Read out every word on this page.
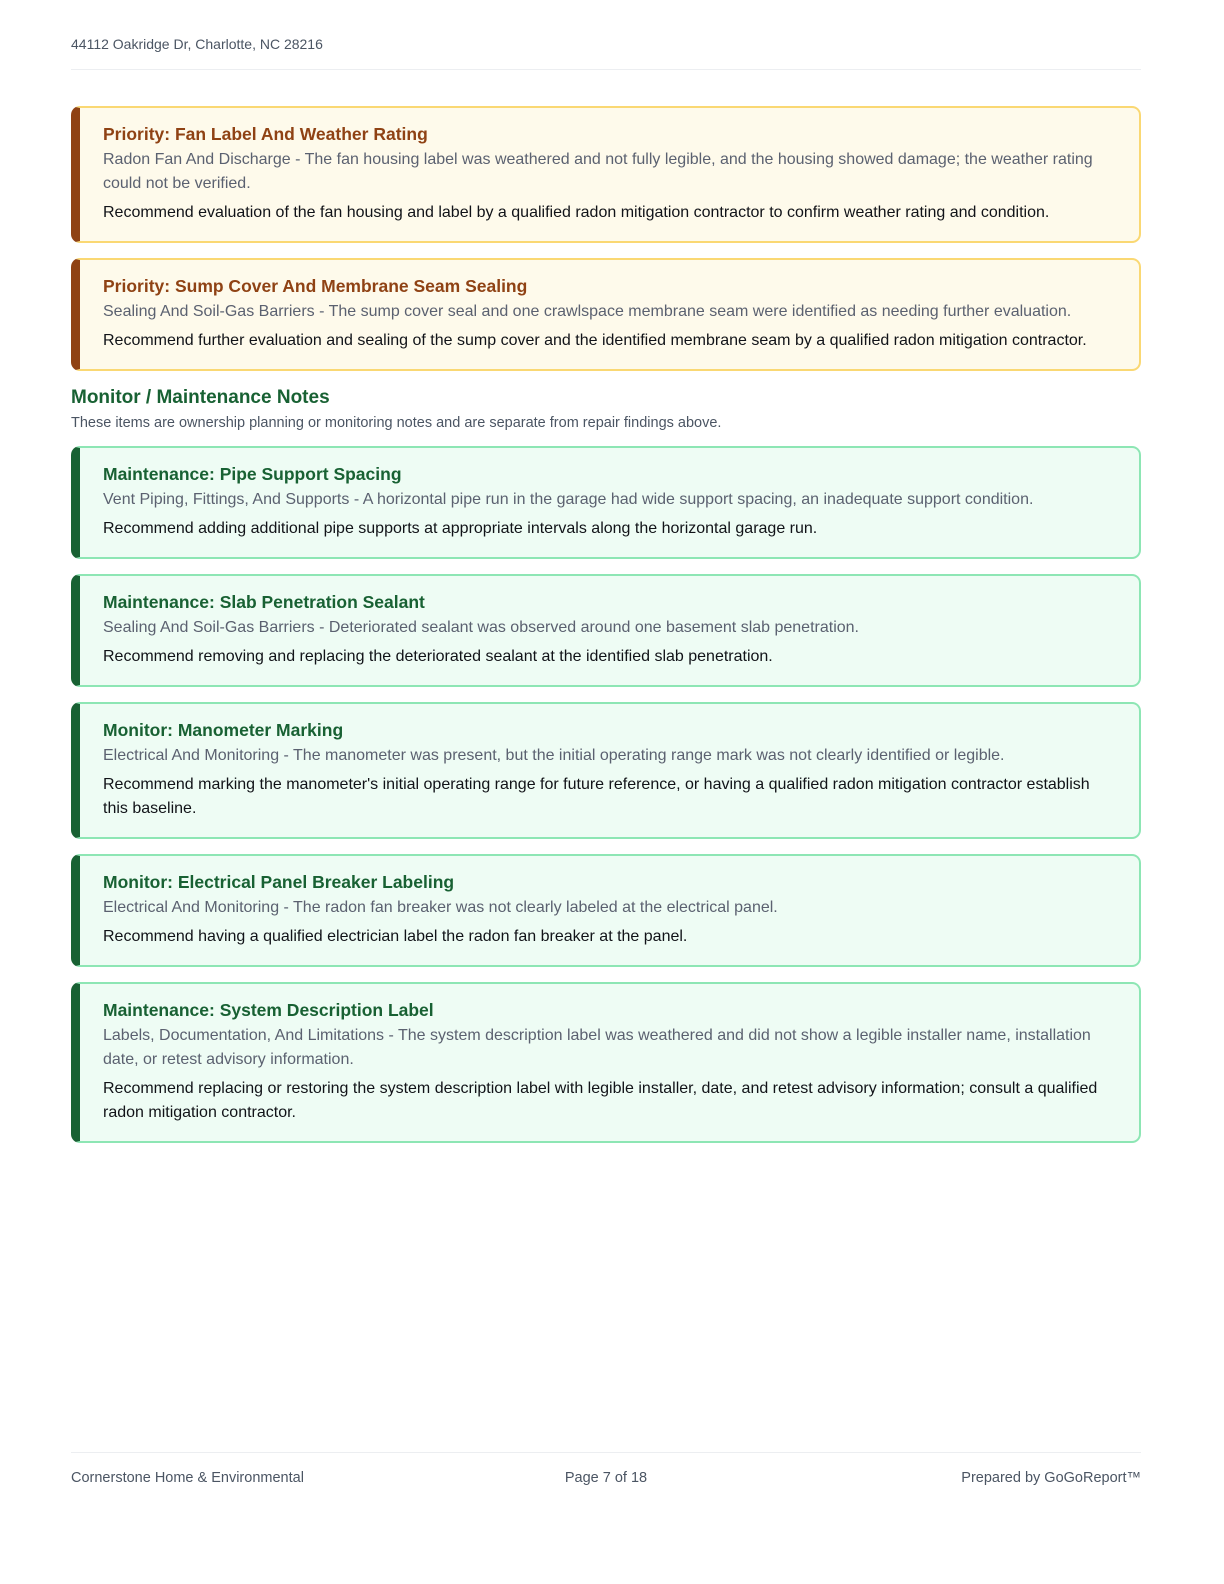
44112 Oakridge Dr, Charlotte, NC 28216
Priority: Fan Label And Weather Rating
Radon Fan And Discharge - The fan housing label was weathered and not fully legible, and the housing showed damage; the weather rating could not be verified.
Recommend evaluation of the fan housing and label by a qualified radon mitigation contractor to confirm weather rating and condition.
Priority: Sump Cover And Membrane Seam Sealing
Sealing And Soil-Gas Barriers - The sump cover seal and one crawlspace membrane seam were identified as needing further evaluation.
Recommend further evaluation and sealing of the sump cover and the identified membrane seam by a qualified radon mitigation contractor.
Monitor / Maintenance Notes
These items are ownership planning or monitoring notes and are separate from repair findings above.
Maintenance: Pipe Support Spacing
Vent Piping, Fittings, And Supports - A horizontal pipe run in the garage had wide support spacing, an inadequate support condition.
Recommend adding additional pipe supports at appropriate intervals along the horizontal garage run.
Maintenance: Slab Penetration Sealant
Sealing And Soil-Gas Barriers - Deteriorated sealant was observed around one basement slab penetration.
Recommend removing and replacing the deteriorated sealant at the identified slab penetration.
Monitor: Manometer Marking
Electrical And Monitoring - The manometer was present, but the initial operating range mark was not clearly identified or legible.
Recommend marking the manometer's initial operating range for future reference, or having a qualified radon mitigation contractor establish this baseline.
Monitor: Electrical Panel Breaker Labeling
Electrical And Monitoring - The radon fan breaker was not clearly labeled at the electrical panel.
Recommend having a qualified electrician label the radon fan breaker at the panel.
Maintenance: System Description Label
Labels, Documentation, And Limitations - The system description label was weathered and did not show a legible installer name, installation date, or retest advisory information.
Recommend replacing or restoring the system description label with legible installer, date, and retest advisory information; consult a qualified radon mitigation contractor.
Cornerstone Home & Environmental	Page 7 of 18	Prepared by GoGoReport™
